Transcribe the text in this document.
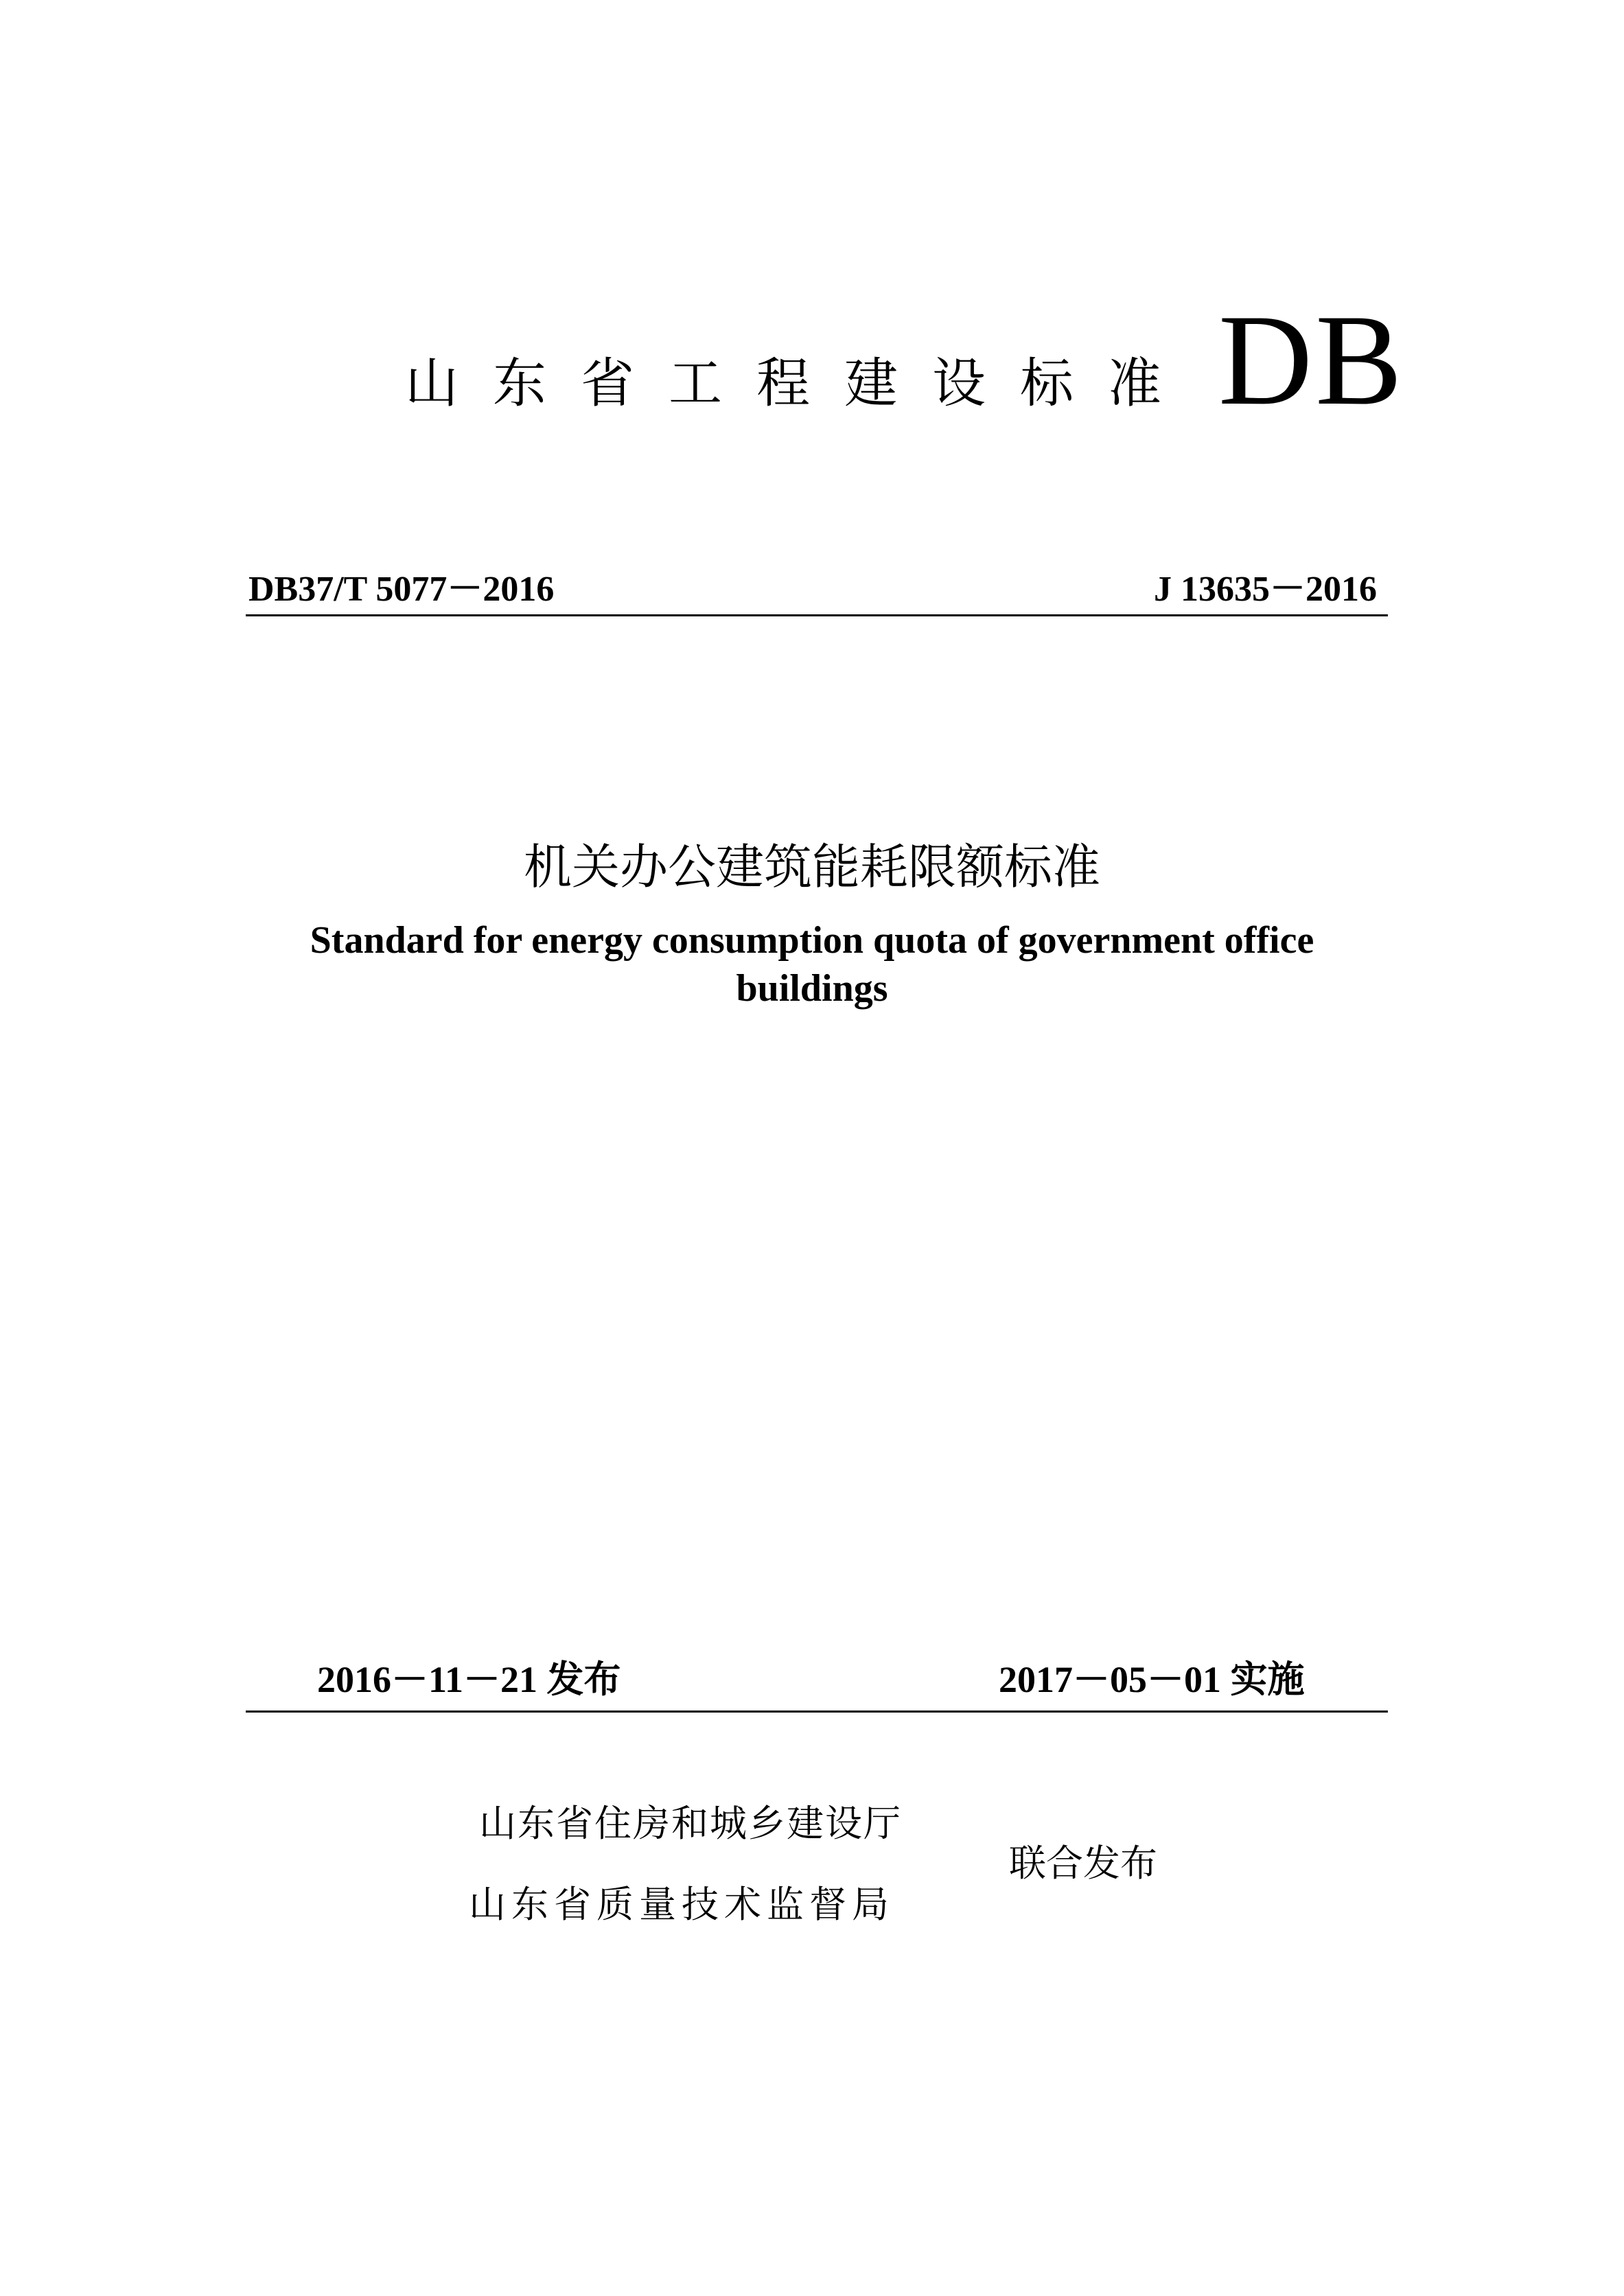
山东省工程建设标准 DB
DB37/T 5077－2016	J 13635－2016
机关办公建筑能耗限额标准
Standard for energy consumption quota of government office buildings
2016－11－21 发布	2017－05－01 实施
山东省住房和城乡建设厅
山东省质量技术监督局
联合发布
